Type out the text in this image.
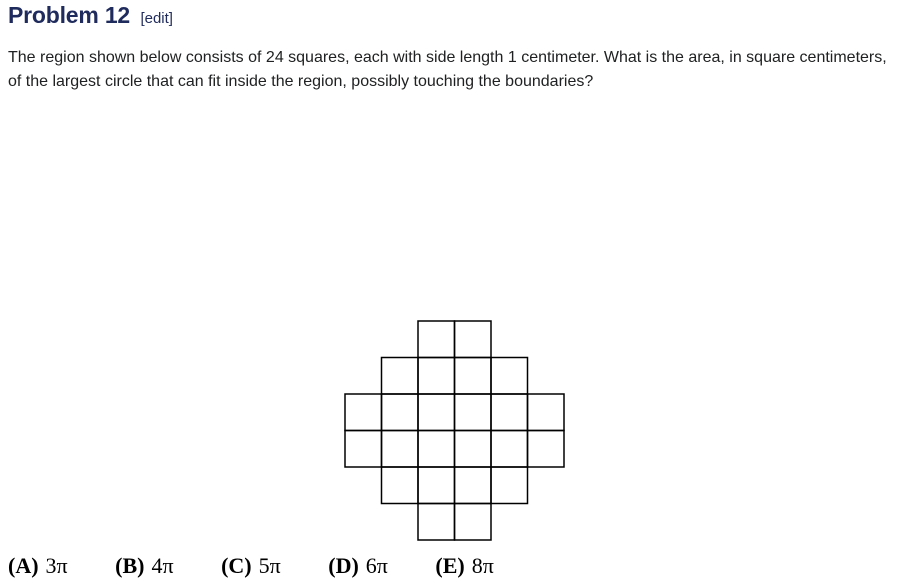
Problem 12 [edit]

The region shown below consists of 24 squares, each with side length 1 centimeter. What is the area, in square centimeters, of the largest circle that can fit inside the region, possibly touching the boundaries?

(A) 3π (B) 4π (C) 5π (D) 6π (E) 8π
